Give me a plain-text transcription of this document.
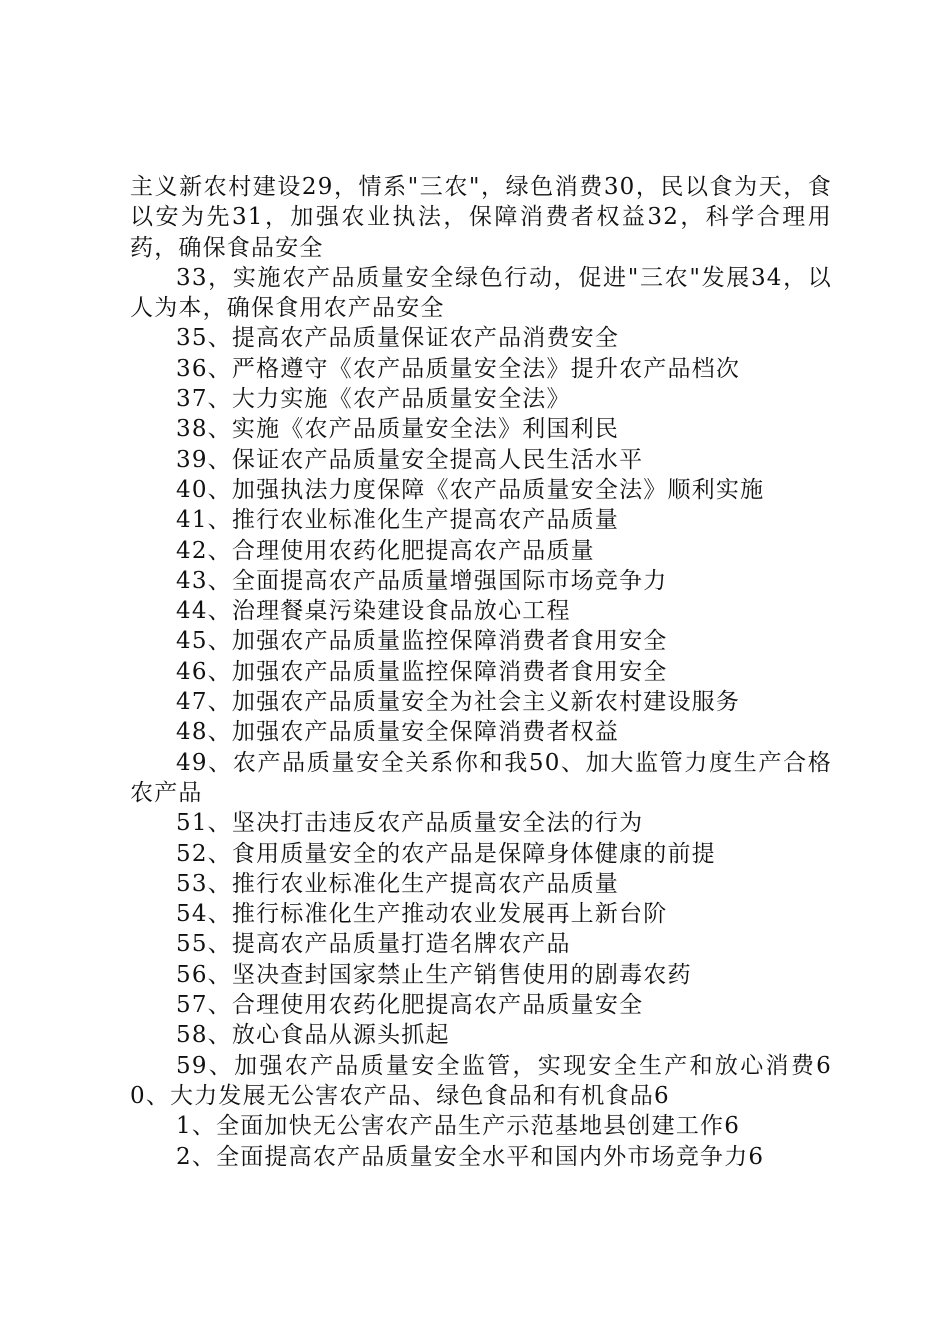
主义新农村建设29，情系"三农"，绿色消费30，民以食为天，食以安为先31，加强农业执法，保障消费者权益32，科学合理用药，确保食品安全

33，实施农产品质量安全绿色行动，促进"三农"发展34，以人为本，确保食用农产品安全

35、提高农产品质量保证农产品消费安全

36、严格遵守《农产品质量安全法》提升农产品档次

37、大力实施《农产品质量安全法》

38、实施《农产品质量安全法》利国利民

39、保证农产品质量安全提高人民生活水平

40、加强执法力度保障《农产品质量安全法》顺利实施

41、推行农业标准化生产提高农产品质量

42、合理使用农药化肥提高农产品质量

43、全面提高农产品质量增强国际市场竞争力

44、治理餐桌污染建设食品放心工程

45、加强农产品质量监控保障消费者食用安全

46、加强农产品质量监控保障消费者食用安全

47、加强农产品质量安全为社会主义新农村建设服务

48、加强农产品质量安全保障消费者权益

49、农产品质量安全关系你和我50、加大监管力度生产合格农产品

51、坚决打击违反农产品质量安全法的行为

52、食用质量安全的农产品是保障身体健康的前提

53、推行农业标准化生产提高农产品质量

54、推行标准化生产推动农业发展再上新台阶

55、提高农产品质量打造名牌农产品

56、坚决查封国家禁止生产销售使用的剧毒农药

57、合理使用农药化肥提高农产品质量安全

58、放心食品从源头抓起

59、加强农产品质量安全监管，实现安全生产和放心消费60、大力发展无公害农产品、绿色食品和有机食品6

1、全面加快无公害农产品生产示范基地县创建工作6

2、全面提高农产品质量安全水平和国内外市场竞争力6
